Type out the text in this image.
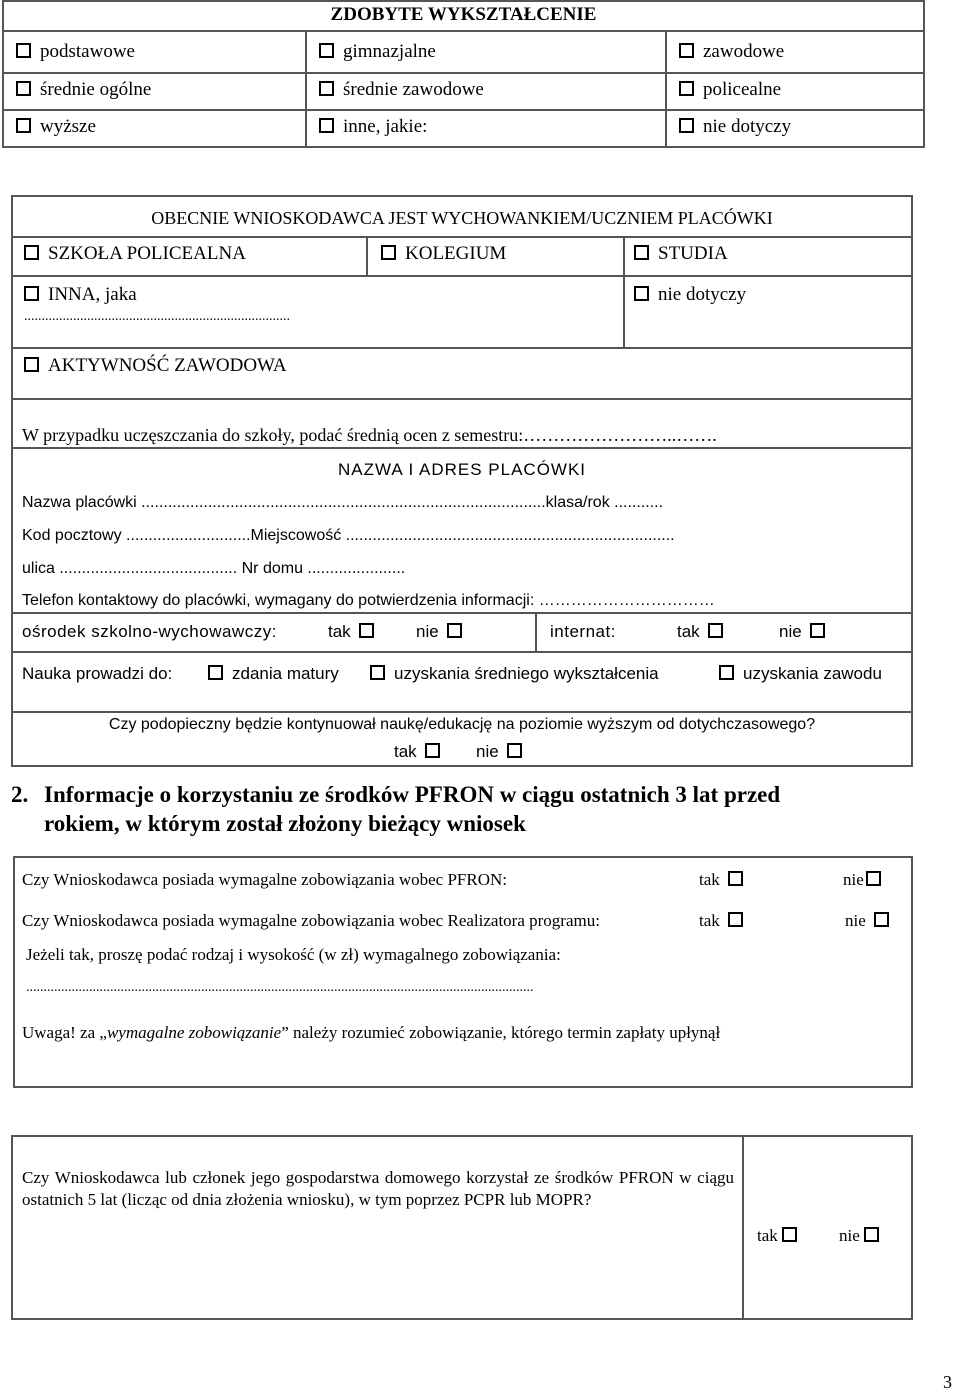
ZDOBYTE WYKSZTAŁCENIE
podstawowe	gimnazjalne	zawodowe
średnie ogólne	średnie zawodowe	policealne
wyższe	inne, jakie:	nie dotyczy
OBECNIE WNIOSKODAWCA JEST WYCHOWANKIEM/UCZNIEM PLACÓWKI
SZKOŁA POLICEALNA	KOLEGIUM	STUDIA
INNA, jaka
............................................................................
nie dotyczy
AKTYWNOŚĆ ZAWODOWA
W przypadku uczęszczania do szkoły, podać średnią ocen z semestru:……………………..…….
NAZWA I ADRES PLACÓWKI
Nazwa placówki ...........................................................................................klasa/rok ...........
Kod pocztowy ............................Miejscowość ..........................................................................
ulica ........................................ Nr domu ......................
Telefon kontaktowy do placówki, wymagany do potwierdzenia informacji: ……………………………
ośrodek szkolno-wychowawczy:	tak	nie	internat:	tak	nie
Nauka prowadzi do:	zdania matury	uzyskania średniego wykształcenia	uzyskania zawodu
Czy podopieczny będzie kontynuował naukę/edukację na poziomie wyższym od dotychczasowego?
tak	nie
2. Informacje o korzystaniu ze środków PFRON w ciągu ostatnich 3 lat przed
rokiem, w którym został złożony bieżący wniosek
Czy Wnioskodawca posiada wymagalne zobowiązania wobec PFRON:	tak	nie
Czy Wnioskodawca posiada wymagalne zobowiązania wobec Realizatora programu:	tak	nie
Jeżeli tak, proszę podać rodzaj i wysokość (w zł) wymagalnego zobowiązania:
.................................................................................................................................................
Uwaga! za „wymagalne zobowiązanie” należy rozumieć zobowiązanie, którego termin zapłaty upłynął
Czy Wnioskodawca lub członek jego gospodarstwa domowego korzystał ze środków PFRON w ciągu ostatnich 5 lat (licząc od dnia złożenia wniosku), w tym poprzez PCPR lub MOPR?
tak	nie
3
